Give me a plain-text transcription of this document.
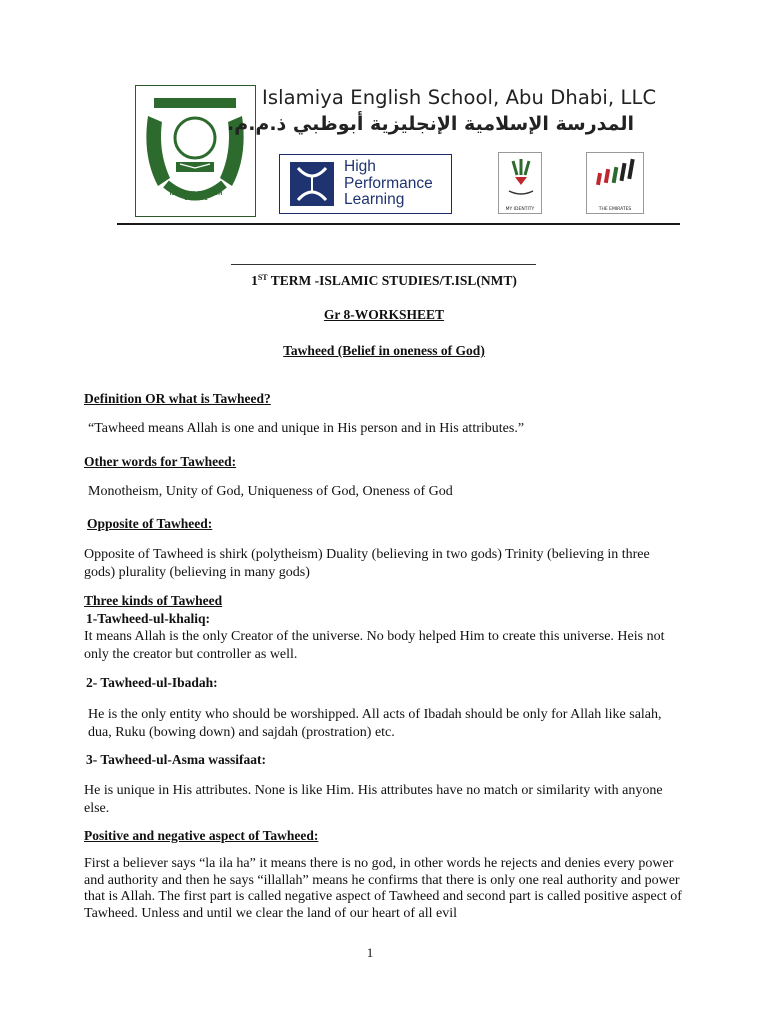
ISLAMIYA ENGLISH SCHOOL
Islamiya English School, Abu Dhabi, LLC
المدرسة الإسلامية الإنجليزية أبوظبي ذ.م.م.
High
Performance
Learning
MY IDENTITY	THE EMIRATES
1ST TERM -ISLAMIC STUDIES/T.ISL(NMT)
Gr 8-WORKSHEET
Tawheed (Belief in oneness of God)
Definition OR what is Tawheed?
“Tawheed means Allah is one and unique in His person and in His attributes.”
Other words for Tawheed:
Monotheism, Unity of God, Uniqueness of God, Oneness of God
Opposite of Tawheed:
Opposite of Tawheed is shirk (polytheism) Duality (believing in two gods) Trinity (believing in three gods) plurality (believing in many gods)
Three kinds of Tawheed
1-Tawheed-ul-khaliq:
It means Allah is the only Creator of the universe. No body helped Him to create this universe. Heis not only the creator but controller as well.
2- Tawheed-ul-Ibadah:
He is the only entity who should be worshipped. All acts of Ibadah should be only for Allah like salah, dua, Ruku (bowing down) and sajdah (prostration) etc.
3- Tawheed-ul-Asma wassifaat:
He is unique in His attributes. None is like Him. His attributes have no match or similarity with anyone else.
Positive and negative aspect of Tawheed:
First a believer says “la ila ha” it means there is no god, in other words he rejects and denies every power and authority and then he says “illallah” means he confirms that there is only one real authority and power that is Allah. The first part is called negative aspect of Tawheed and second part is called positive aspect of Tawheed. Unless and until we clear the land of our heart of all evil
1
